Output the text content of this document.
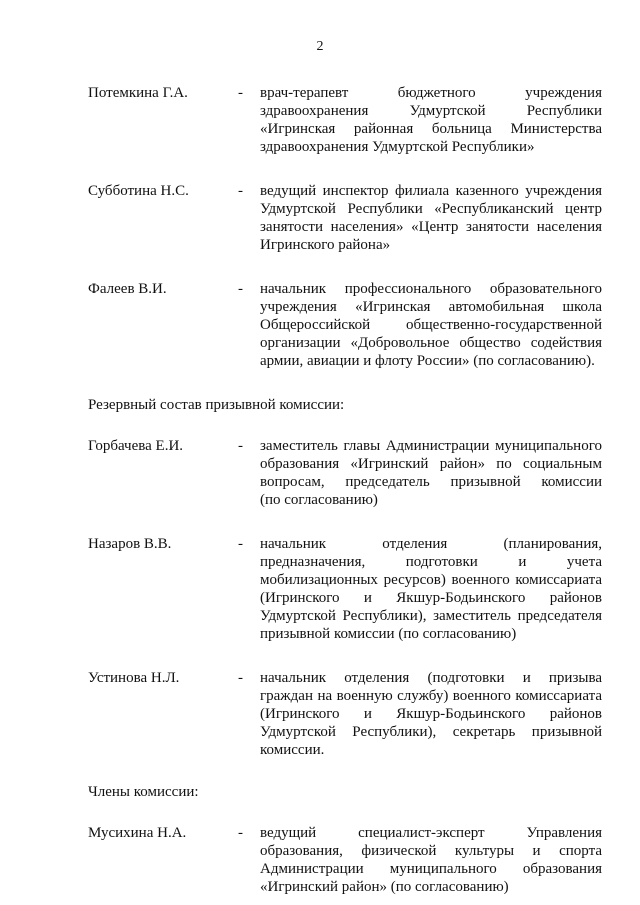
2
Потемкина Г.А.	-	врач-терапевт бюджетного учреждения
здравоохранения Удмуртской Республики
«Игринская районная больница Министерства
здравоохранения Удмуртской Республики»
Субботина Н.С.	-	ведущий инспектор филиала казенного учреждения
Удмуртской Республики «Республиканский центр
занятости населения» «Центр занятости населения
Игринского района»
Фалеев В.И.	-	начальник профессионального образовательного
учреждения «Игринская автомобильная школа
Общероссийской общественно-государственной
организации «Добровольное общество содействия
армии, авиации и флоту России» (по согласованию).

Резервный состав призывной комиссии:

Горбачева Е.И.	-	заместитель главы Администрации муниципального
образования «Игринский район» по социальным
вопросам, председатель призывной комиссии
(по согласованию)
Назаров В.В.	-	начальник отделения (планирования,
предназначения, подготовки и учета
мобилизационных ресурсов) военного комиссариата
(Игринского и Якшур-Бодьинского районов
Удмуртской Республики), заместитель председателя
призывной комиссии (по согласованию)
Устинова Н.Л.	-	начальник отделения (подготовки и призыва
граждан на военную службу) военного комиссариата
(Игринского и Якшур-Бодьинского районов
Удмуртской Республики), секретарь призывной
комиссии.

Члены комиссии:

Мусихина Н.А.	-	ведущий специалист-эксперт Управления
образования, физической культуры и спорта
Администрации муниципального образования
«Игринский район» (по согласованию)
